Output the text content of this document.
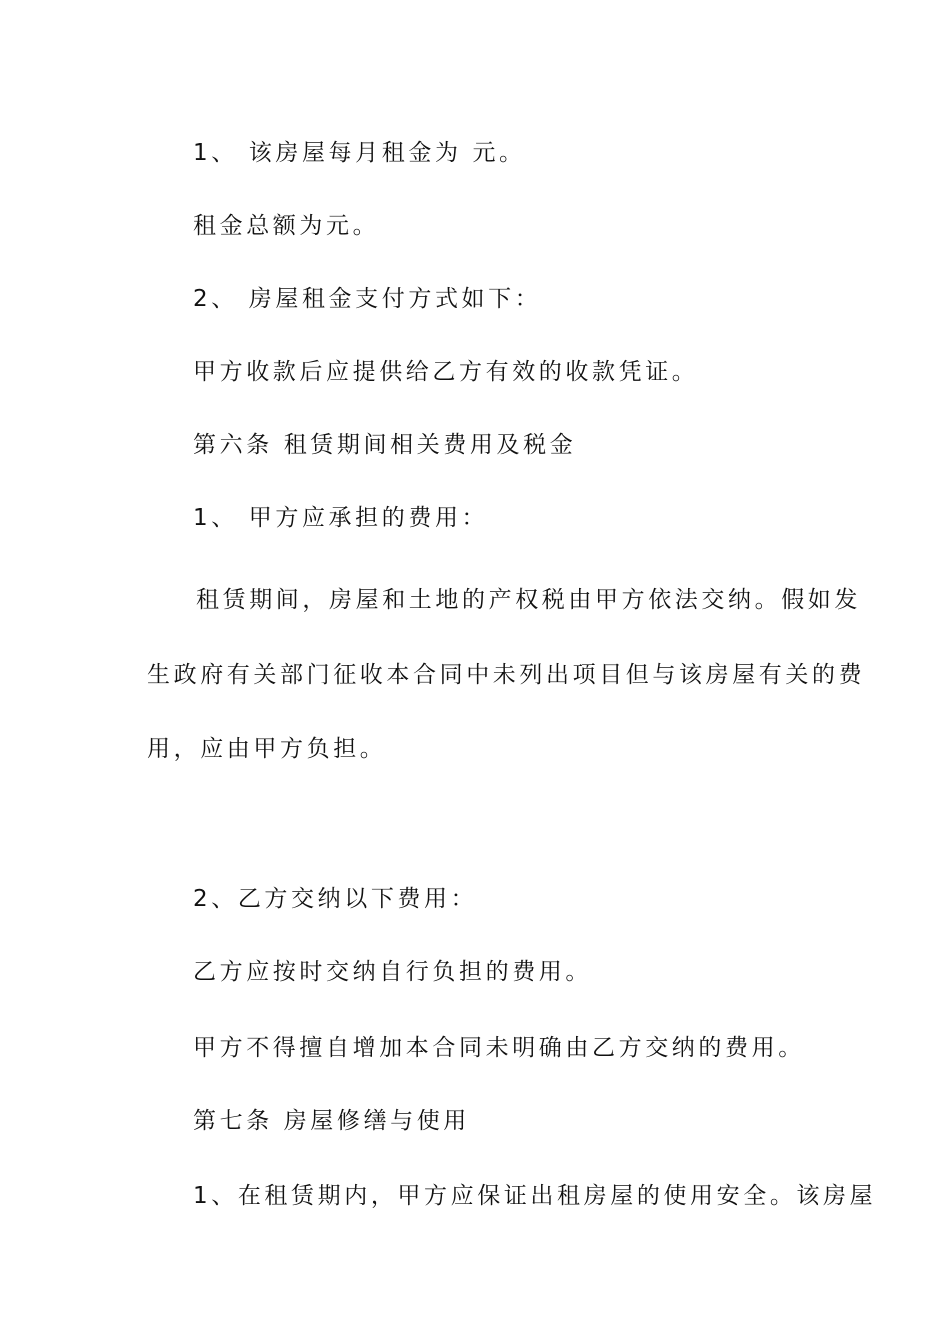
1、 该房屋每月租金为 元。
租金总额为元。
2、 房屋租金支付方式如下：
甲方收款后应提供给乙方有效的收款凭证。
第六条 租赁期间相关费用及税金
1、 甲方应承担的费用：
租赁期间，房屋和土地的产权税由甲方依法交纳。假如发
生政府有关部门征收本合同中未列出项目但与该房屋有关的费
用，应由甲方负担。
2、乙方交纳以下费用：
乙方应按时交纳自行负担的费用。
甲方不得擅自增加本合同未明确由乙方交纳的费用。
第七条 房屋修缮与使用
1、在租赁期内，甲方应保证出租房屋的使用安全。该房屋
